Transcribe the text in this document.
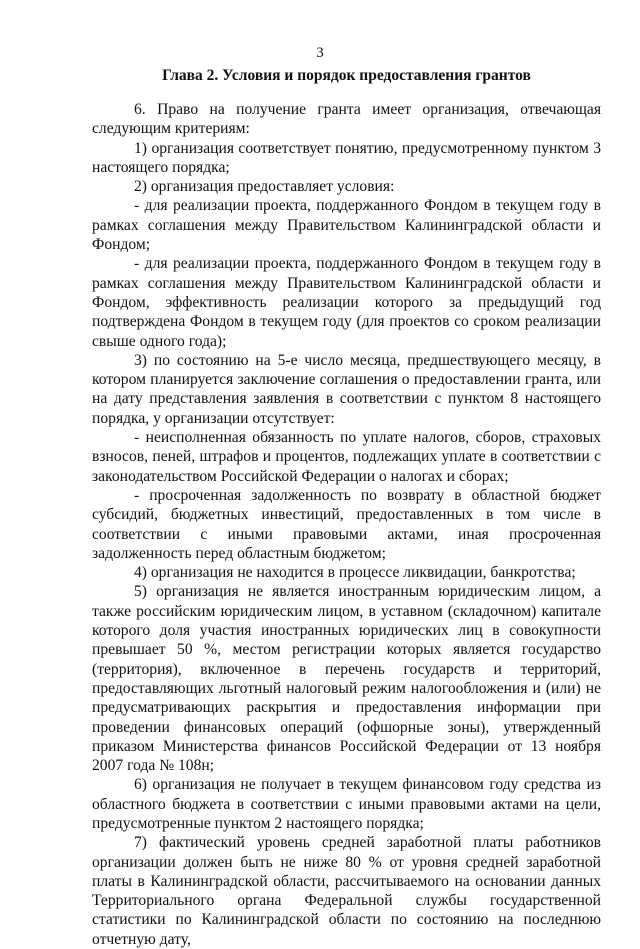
3
Глава 2. Условия и порядок предоставления грантов

6. Право на получение гранта имеет организация, отвечающая следующим критериям:

1) организация соответствует понятию, предусмотренному пунктом 3 настоящего порядка;

2) организация предоставляет условия:

- для реализации проекта, поддержанного Фондом в текущем году в рамках соглашения между Правительством Калининградской области и Фондом;

- для реализации проекта, поддержанного Фондом в текущем году в рамках соглашения между Правительством Калининградской области и Фондом, эффективность реализации которого за предыдущий год подтверждена Фондом в текущем году (для проектов со сроком реализации свыше одного года);

3) по состоянию на 5-е число месяца, предшествующего месяцу, в котором планируется заключение соглашения о предоставлении гранта, или на дату представления заявления в соответствии с пунктом 8 настоящего порядка, у организации отсутствует:

- неисполненная обязанность по уплате налогов, сборов, страховых взносов, пеней, штрафов и процентов, подлежащих уплате в соответствии с законодательством Российской Федерации о налогах и сборах;

- просроченная задолженность по возврату в областной бюджет субсидий, бюджетных инвестиций, предоставленных в том числе в соответствии с иными правовыми актами, иная просроченная задолженность перед областным бюджетом;

4) организация не находится в процессе ликвидации, банкротства;

5) организация не является иностранным юридическим лицом, а также российским юридическим лицом, в уставном (складочном) капитале которого доля участия иностранных юридических лиц в совокупности превышает 50 %, местом регистрации которых является государство (территория), включенное в перечень государств и территорий, предоставляющих льготный налоговый режим налогообложения и (или) не предусматривающих раскрытия и предоставления информации при проведении финансовых операций (офшорные зоны), утвержденный приказом Министерства финансов Российской Федерации от 13 ноября 2007 года № 108н;

6) организация не получает в текущем финансовом году средства из областного бюджета в соответствии с иными правовыми актами на цели, предусмотренные пунктом 2 настоящего порядка;

7) фактический уровень средней заработной платы работников организации должен быть не ниже 80 % от уровня средней заработной платы в Калининградской области, рассчитываемого на основании данных Территориального органа Федеральной службы государственной статистики по Калининградской области по состоянию на последнюю отчетную дату,
